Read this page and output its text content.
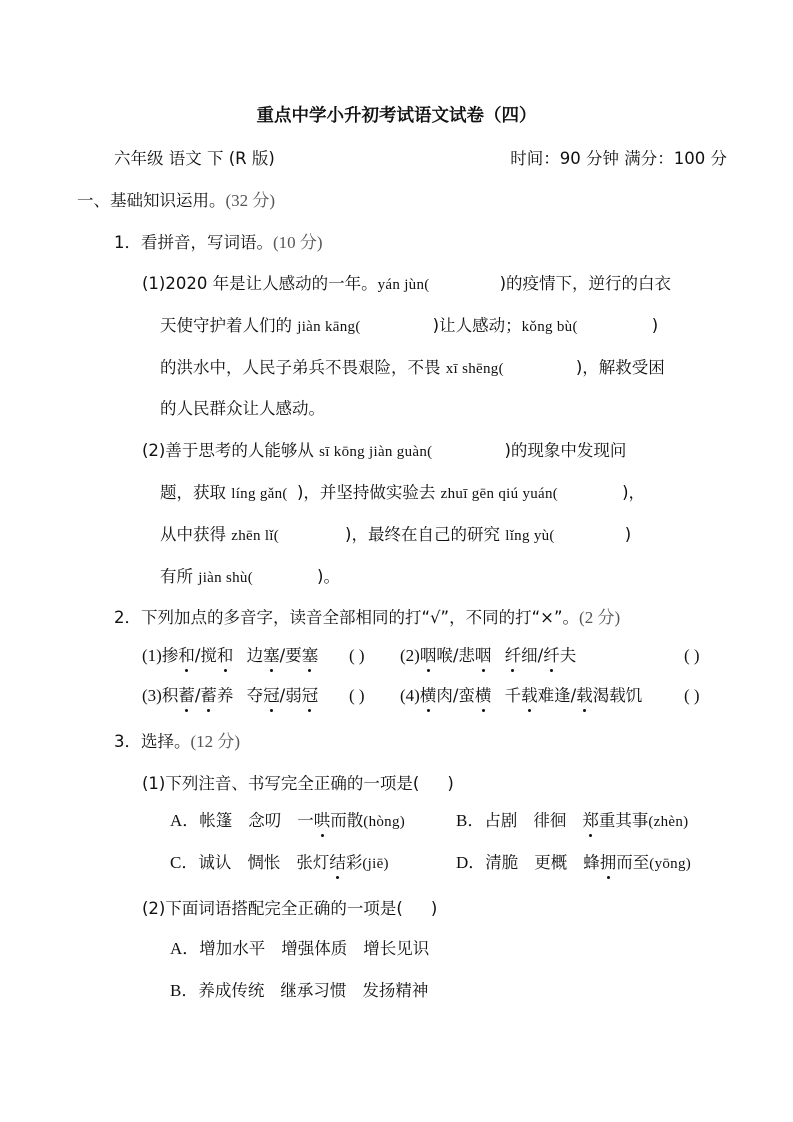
重点中学小升初考试语文试卷（四）
六年级 语文 下 (R 版)	时间：90 分钟 满分：100 分
一、基础知识运用。(32 分)
1．看拼音，写词语。(10 分)
(1)2020 年是让人感动的一年。yán jùn(	)的疫情下，逆行的白衣
天使守护着人们的 jiàn kāng(	)让人感动；kǒng bù(	)
的洪水中，人民子弟兵不畏艰险，不畏 xī shēng(	)，解救受困
的人民群众让人感动。
(2)善于思考的人能够从 sī kōng jiàn guàn(	)的现象中发现问
题，获取 líng gǎn( )，并坚持做实验去 zhuī gēn qiú yuán(	)，
从中获得 zhēn lǐ(	)，最终在自己的研究 lǐng yù(	)
有所 jiàn shù(	)。
2．下列加点的多音字，读音全部相同的打“√”，不同的打“×”。(2 分)
(1)掺和/搅和 边塞/要塞 ( ) (2)咽喉/悲咽 纤细/纤夫	( )
(3)积蓄/蓄养 夺冠/弱冠 ( ) (4)横肉/蛮横 千载难逢/载渴载饥 ( )
3．选择。(12 分)
(1)下列注音、书写完全正确的一项是( )
A．帐篷 念叨 一哄而散(hòng)	B．占剧 徘徊 郑重其事(zhèn)
C．诚认 惆怅 张灯结彩(jiē)	D．清脆 更概 蜂拥而至(yōng)
(2)下面词语搭配完全正确的一项是( )
A．增加水平 增强体质 增长见识
B．养成传统 继承习惯 发扬精神
